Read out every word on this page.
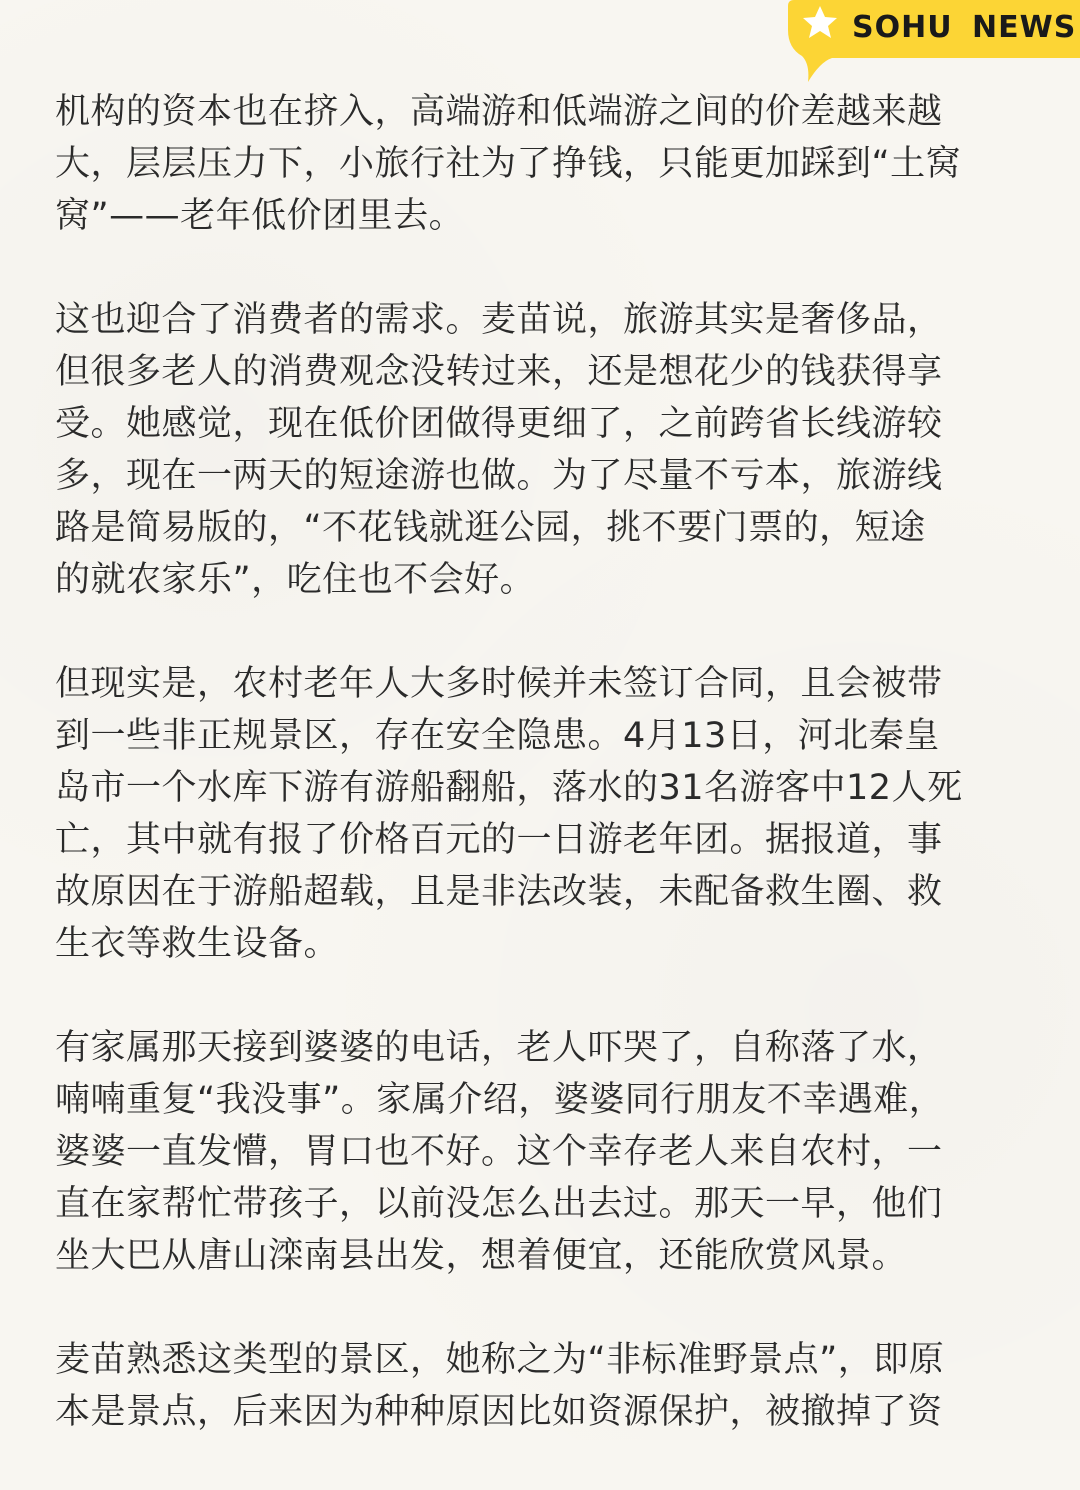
SOHU NEWS

机构的资本也在挤入，高端游和低端游之间的价差越来越
大，层层压力下，小旅行社为了挣钱，只能更加踩到“土窝
窝”——老年低价团里去。

这也迎合了消费者的需求。麦苗说，旅游其实是奢侈品，
但很多老人的消费观念没转过来，还是想花少的钱获得享
受。她感觉，现在低价团做得更细了，之前跨省长线游较
多，现在一两天的短途游也做。为了尽量不亏本，旅游线
路是简易版的，“不花钱就逛公园，挑不要门票的，短途
的就农家乐”，吃住也不会好。

但现实是，农村老年人大多时候并未签订合同，且会被带
到一些非正规景区，存在安全隐患。4月13日，河北秦皇
岛市一个水库下游有游船翻船，落水的31名游客中12人死
亡，其中就有报了价格百元的一日游老年团。据报道，事
故原因在于游船超载，且是非法改装，未配备救生圈、救
生衣等救生设备。

有家属那天接到婆婆的电话，老人吓哭了，自称落了水，
喃喃重复“我没事”。家属介绍，婆婆同行朋友不幸遇难，
婆婆一直发懵，胃口也不好。这个幸存老人来自农村，一
直在家帮忙带孩子，以前没怎么出去过。那天一早，他们
坐大巴从唐山滦南县出发，想着便宜，还能欣赏风景。

麦苗熟悉这类型的景区，她称之为“非标准野景点”，即原
本是景点，后来因为种种原因比如资源保护，被撤掉了资
